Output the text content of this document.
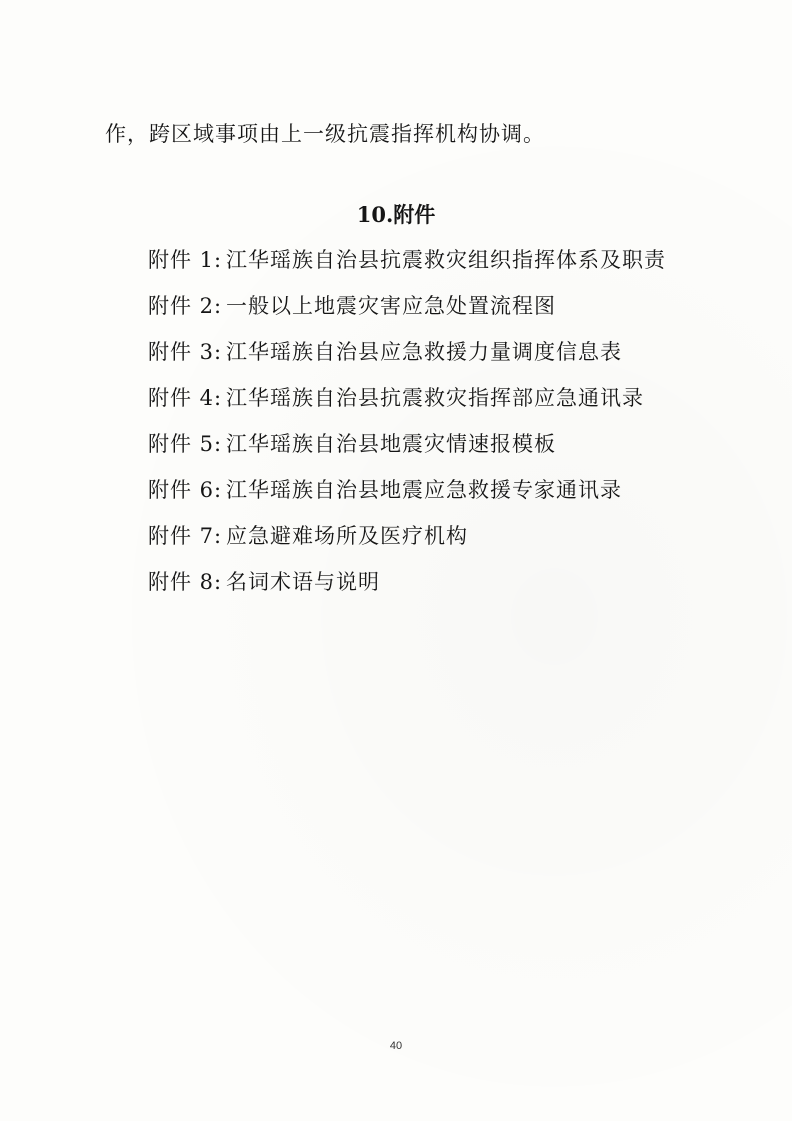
作，跨区域事项由上一级抗震指挥机构协调。
10.附件
附件 1: 江华瑶族自治县抗震救灾组织指挥体系及职责
附件 2: 一般以上地震灾害应急处置流程图
附件 3: 江华瑶族自治县应急救援力量调度信息表
附件 4: 江华瑶族自治县抗震救灾指挥部应急通讯录
附件 5: 江华瑶族自治县地震灾情速报模板
附件 6: 江华瑶族自治县地震应急救援专家通讯录
附件 7: 应急避难场所及医疗机构
附件 8: 名词术语与说明
40
